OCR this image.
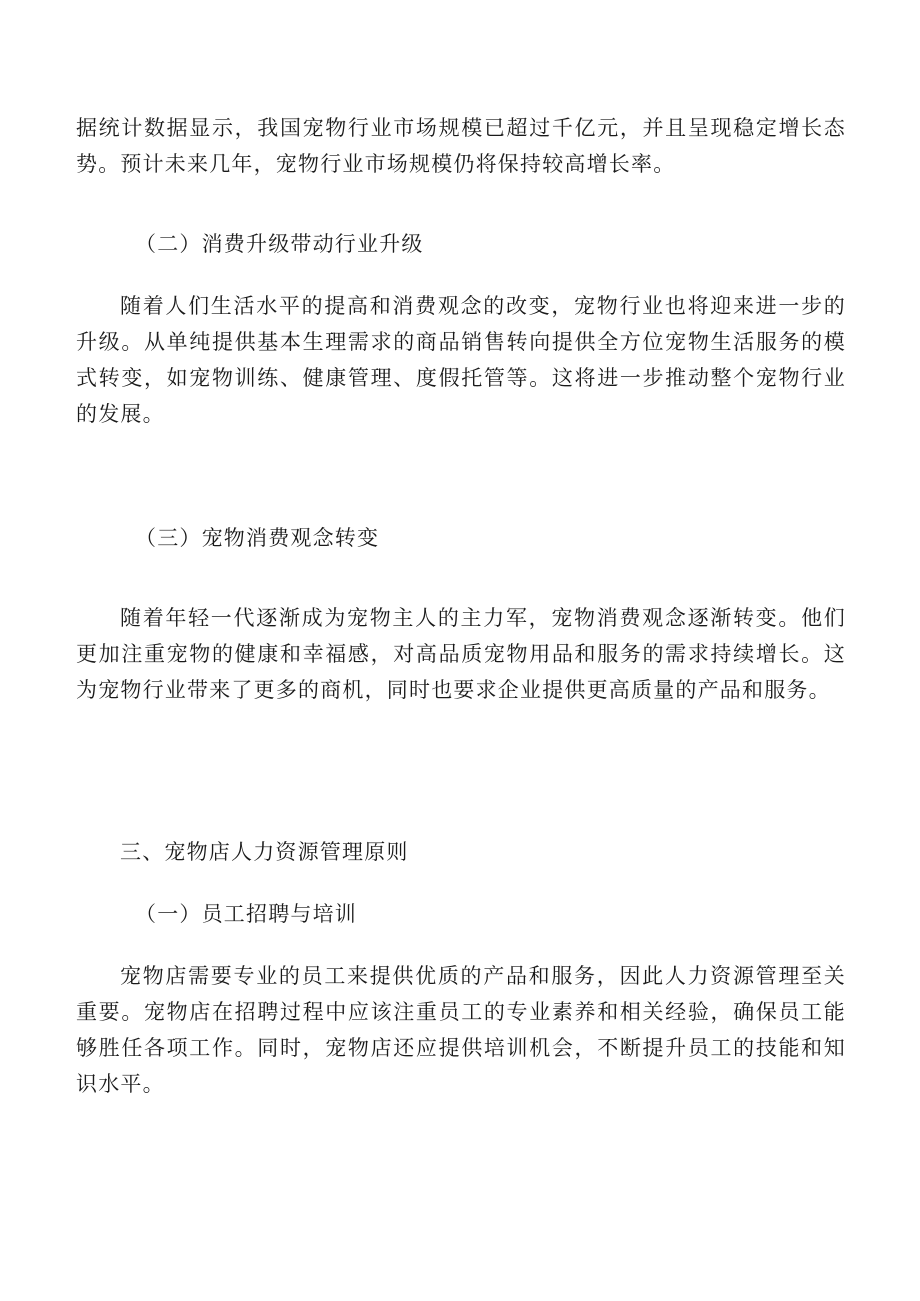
据统计数据显示，我国宠物行业市场规模已超过千亿元，并且呈现稳定增长态势。预计未来几年，宠物行业市场规模仍将保持较高增长率。

（二）消费升级带动行业升级

随着人们生活水平的提高和消费观念的改变，宠物行业也将迎来进一步的升级。从单纯提供基本生理需求的商品销售转向提供全方位宠物生活服务的模式转变，如宠物训练、健康管理、度假托管等。这将进一步推动整个宠物行业的发展。

（三）宠物消费观念转变

随着年轻一代逐渐成为宠物主人的主力军，宠物消费观念逐渐转变。他们更加注重宠物的健康和幸福感，对高品质宠物用品和服务的需求持续增长。这为宠物行业带来了更多的商机，同时也要求企业提供更高质量的产品和服务。

三、宠物店人力资源管理原则

（一）员工招聘与培训

宠物店需要专业的员工来提供优质的产品和服务，因此人力资源管理至关重要。宠物店在招聘过程中应该注重员工的专业素养和相关经验，确保员工能够胜任各项工作。同时，宠物店还应提供培训机会，不断提升员工的技能和知识水平。
